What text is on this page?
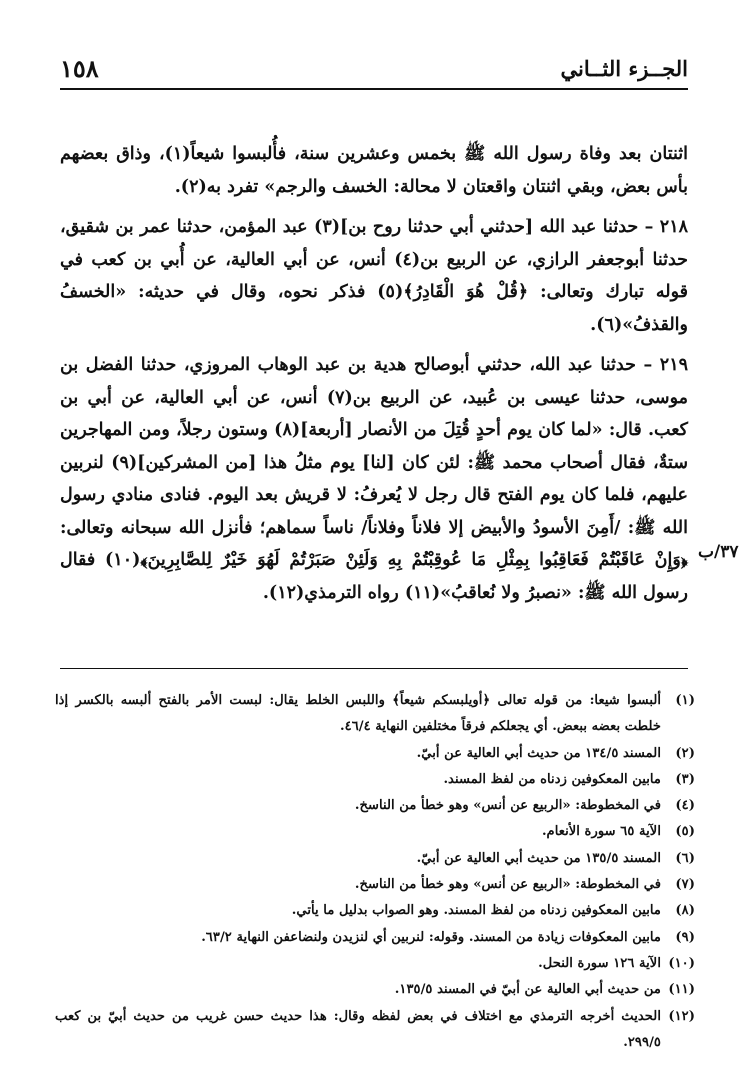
الجــزء الثــاني
١٥٨

اثنتان بعد وفاة رسول الله ﷺ بخمس وعشرين سنة، فأُلبسوا شيعاً(١)، وذاق بعضهم بأس بعض، وبقي اثنتان واقعتان لا محالة: الخسف والرجم» تفرد به(٢).

٢١٨ – حدثنا عبد الله [حدثني أبي حدثنا روح بن](٣) عبد المؤمن، حدثنا عمر بن شقيق، حدثنا أبوجعفر الرازي، عن الربيع بن(٤) أنس، عن أبي العالية، عن أُبي بن كعب في قوله تبارك وتعالى: ﴿قُلْ هُوَ الْقَادِرُ﴾(٥) فذكر نحوه، وقال في حديثه: «الخسفُ والقذفُ»(٦).

٢١٩ – حدثنا عبد الله، حدثني أبوصالح هدية بن عبد الوهاب المروزي، حدثنا الفضل بن موسى، حدثنا عيسى بن عُبيد، عن الربيع بن(٧) أنس، عن أبي العالية، عن أبي بن كعب. قال: «لما كان يوم أحدٍ قُتِلَ من الأنصار [أربعة](٨) وستون رجلاً، ومن المهاجرين ستةٌ، فقال أصحاب محمد ﷺ: لئن كان [لنا] يوم مثلُ هذا [من المشركين](٩) لنربين عليهم، فلما كان يوم الفتح قال رجل لا يُعرفُ: لا قريش بعد اليوم. فنادى منادي رسول الله ﷺ: /أَمِنَ الأسودُ والأبيض إلا فلاناً وفلاناً/ ناساً سماهم؛ فأنزل الله سبحانه وتعالى: ﴿وَإِنْ عَاقَبْتُمْ فَعَاقِبُوا بِمِثْلِ مَا عُوقِبْتُمْ بِهِ وَلَئِنْ صَبَرْتُمْ لَهُوَ خَيْرٌ لِلصَّابِرِينَ﴾(١٠) فقال رسول الله ﷺ: «نصبرُ ولا نُعاقبُ»(١١) رواه الترمذي(١٢).

٣٧/ب
(١)
ألبسوا شيعا: من قوله تعالى ﴿أويلبسكم شيعاً﴾ واللبس الخلط يقال: لبست الأمر بالفتح ألبسه بالكسر إذا خلطت بعضه ببعض. أي يجعلكم فرقاً مختلفين النهاية ٤٦/٤.
(٢)
المسند ١٣٤/٥ من حديث أبي العالية عن أبيّ.
(٣)
مابين المعكوفين زدناه من لفظ المسند.
(٤)
في المخطوطة: «الربيع عن أنس» وهو خطأ من الناسخ.
(٥)
الآية ٦٥ سورة الأنعام.
(٦)
المسند ١٣٥/٥ من حديث أبي العالية عن أبيّ.
(٧)
في المخطوطة: «الربيع عن أنس» وهو خطأ من الناسخ.
(٨)
مابين المعكوفين زدناه من لفظ المسند. وهو الصواب بدليل ما يأتي.
(٩)
مابين المعكوفات زيادة من المسند. وقوله: لنربين أي لنزيدن ولنضاعفن النهاية ٦٣/٢.
(١٠)
الآية ١٢٦ سورة النحل.
(١١)
من حديث أبي العالية عن أبيّ في المسند ١٣٥/٥.
(١٢)
الحديث أخرجه الترمذي مع اختلاف في بعض لفظه وقال: هذا حديث حسن غريب من حديث أبيّ بن كعب ٢٩٩/٥.
